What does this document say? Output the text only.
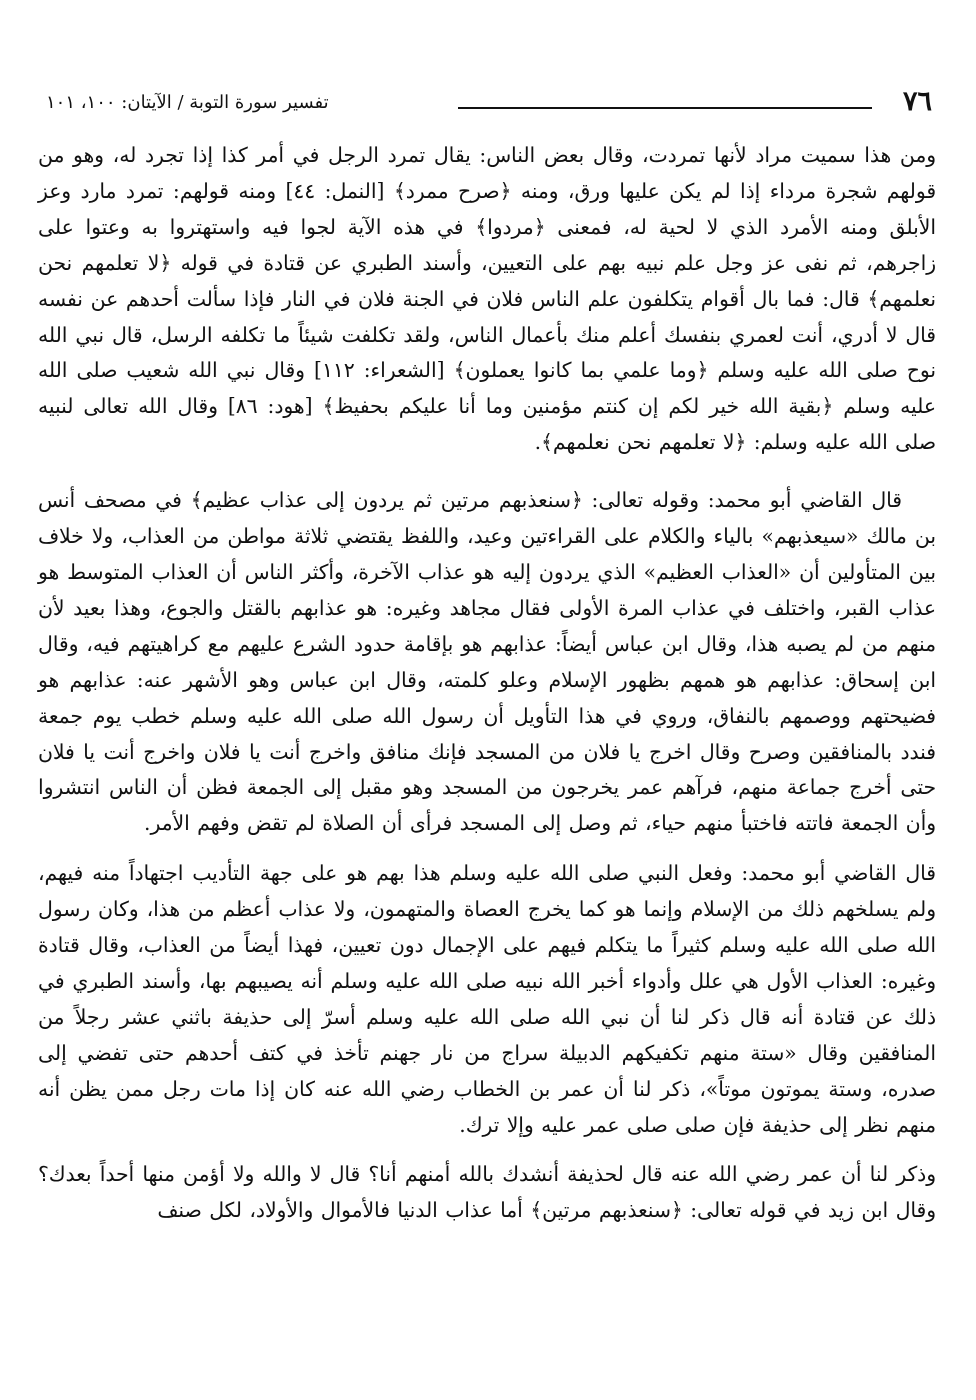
٧٦
تفسير سورة التوبة / الآيتان: ١٠٠، ١٠١

ومن هذا سميت مراد لأنها تمردت، وقال بعض الناس: يقال تمرد الرجل في أمر كذا إذا تجرد له، وهو من قولهم شجرة مرداء إذا لم يكن عليها ورق، ومنه ﴿صرح ممرد﴾ [النمل: ٤٤] ومنه قولهم: تمرد مارد وعز الأبلق ومنه الأمرد الذي لا لحية له، فمعنى ﴿مردوا﴾ في هذه الآية لجوا فيه واستهتروا به وعتوا على زاجرهم، ثم نفى عز وجل علم نبيه بهم على التعيين، وأسند الطبري عن قتادة في قوله ﴿لا تعلمهم نحن نعلمهم﴾ قال: فما بال أقوام يتكلفون علم الناس فلان في الجنة فلان في النار فإذا سألت أحدهم عن نفسه قال لا أدري، أنت لعمري بنفسك أعلم منك بأعمال الناس، ولقد تكلفت شيئاً ما تكلفه الرسل، قال نبي الله نوح صلى الله عليه وسلم ﴿وما علمي بما كانوا يعملون﴾ [الشعراء: ١١٢] وقال نبي الله شعيب صلى الله عليه وسلم ﴿بقية الله خير لكم إن كنتم مؤمنين وما أنا عليكم بحفيظ﴾ [هود: ٨٦] وقال الله تعالى لنبيه صلى الله عليه وسلم: ﴿لا تعلمهم نحن نعلمهم﴾.

قال القاضي أبو محمد: وقوله تعالى: ﴿سنعذبهم مرتين ثم يردون إلى عذاب عظيم﴾ في مصحف أنس بن مالك «سيعذبهم» بالياء والكلام على القراءتين وعيد، واللفظ يقتضي ثلاثة مواطن من العذاب، ولا خلاف بين المتأولين أن «العذاب العظيم» الذي يردون إليه هو عذاب الآخرة، وأكثر الناس أن العذاب المتوسط هو عذاب القبر، واختلف في عذاب المرة الأولى فقال مجاهد وغيره: هو عذابهم بالقتل والجوع، وهذا بعيد لأن منهم من لم يصبه هذا، وقال ابن عباس أيضاً: عذابهم هو بإقامة حدود الشرع عليهم مع كراهيتهم فيه، وقال ابن إسحاق: عذابهم هو همهم بظهور الإسلام وعلو كلمته، وقال ابن عباس وهو الأشهر عنه: عذابهم هو فضيحتهم ووصمهم بالنفاق، وروي في هذا التأويل أن رسول الله صلى الله عليه وسلم خطب يوم جمعة فندد بالمنافقين وصرح وقال اخرج يا فلان من المسجد فإنك منافق واخرج أنت يا فلان واخرج أنت يا فلان حتى أخرج جماعة منهم، فرآهم عمر يخرجون من المسجد وهو مقبل إلى الجمعة فظن أن الناس انتشروا وأن الجمعة فاتته فاختبأ منهم حياء، ثم وصل إلى المسجد فرأى أن الصلاة لم تقض وفهم الأمر.

قال القاضي أبو محمد: وفعل النبي صلى الله عليه وسلم هذا بهم هو على جهة التأديب اجتهاداً منه فيهم، ولم يسلخهم ذلك من الإسلام وإنما هو كما يخرج العصاة والمتهمون، ولا عذاب أعظم من هذا، وكان رسول الله صلى الله عليه وسلم كثيراً ما يتكلم فيهم على الإجمال دون تعيين، فهذا أيضاً من العذاب، وقال قتادة وغيره: العذاب الأول هي علل وأدواء أخبر الله نبيه صلى الله عليه وسلم أنه يصيبهم بها، وأسند الطبري في ذلك عن قتادة أنه قال ذكر لنا أن نبي الله صلى الله عليه وسلم أسرّ إلى حذيفة باثني عشر رجلاً من المنافقين وقال «ستة منهم تكفيكهم الدبيلة سراج من نار جهنم تأخذ في كتف أحدهم حتى تفضي إلى صدره، وستة يموتون موتاً»، ذكر لنا أن عمر بن الخطاب رضي الله عنه كان إذا مات رجل ممن يظن أنه منهم نظر إلى حذيفة فإن صلى صلى عمر عليه وإلا ترك.

وذكر لنا أن عمر رضي الله عنه قال لحذيفة أنشدك بالله أمنهم أنا؟ قال لا والله ولا أؤمن منها أحداً بعدك؟ وقال ابن زيد في قوله تعالى: ﴿سنعذبهم مرتين﴾ أما عذاب الدنيا فالأموال والأولاد، لكل صنف
